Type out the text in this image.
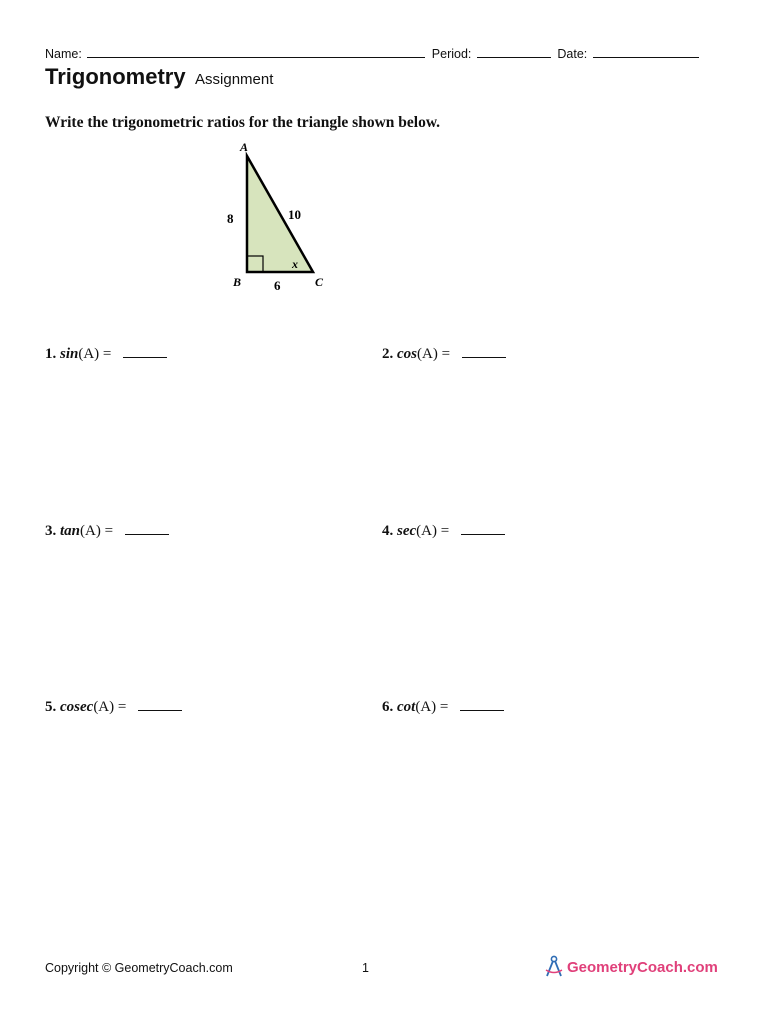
Name:	Period:	Date:
Trigonometry Assignment
Write the trigonometric ratios for the triangle shown below.
A
B	C
8	10
6
x
1. sin(A) =	2. cos(A) =
3. tan(A) =	4. sec(A) =
5. cosec(A) =	6. cot(A) =
Copyright © GeometryCoach.com	1	GeometryCoach.com
